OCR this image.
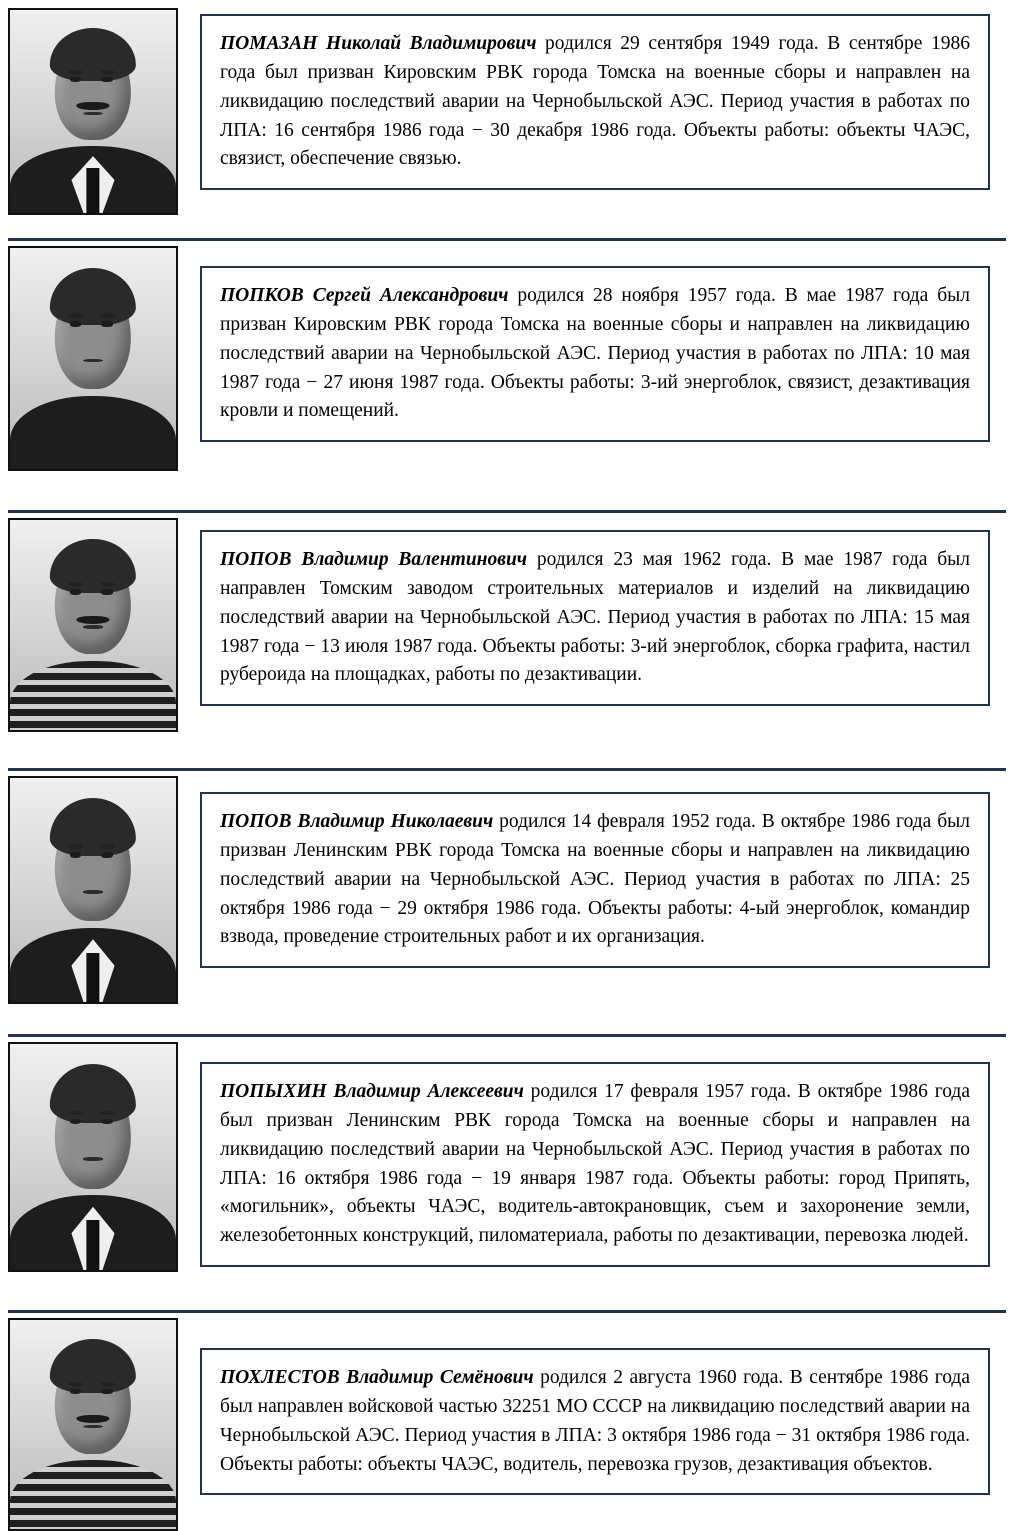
ПОМАЗАН Николай Владимирович родился 29 сентября 1949 года. В сентябре 1986 года был призван Кировским РВК города Томска на военные сборы и направлен на ликвидацию последствий аварии на Чернобыльской АЭС. Период участия в работах по ЛПА: 16 сентября 1986 года − 30 декабря 1986 года. Объекты работы: объекты ЧАЭС, связист, обеспечение связью.

ПОПКОВ Сергей Александрович родился 28 ноября 1957 года. В мае 1987 года был призван Кировским РВК города Томска на военные сборы и направлен на ликвидацию последствий аварии на Чернобыльской АЭС. Период участия в работах по ЛПА: 10 мая 1987 года − 27 июня 1987 года. Объекты работы: 3-ий энергоблок, связист, дезактивация кровли и помещений.

ПОПОВ Владимир Валентинович родился 23 мая 1962 года. В мае 1987 года был направлен Томским заводом строительных материалов и изделий на ликвидацию последствий аварии на Чернобыльской АЭС. Период участия в работах по ЛПА: 15 мая 1987 года − 13 июля 1987 года. Объекты работы: 3-ий энергоблок, сборка графита, настил рубероида на площадках, работы по дезактивации.

ПОПОВ Владимир Николаевич родился 14 февраля 1952 года. В октябре 1986 года был призван Ленинским РВК города Томска на военные сборы и направлен на ликвидацию последствий аварии на Чернобыльской АЭС. Период участия в работах по ЛПА: 25 октября 1986 года − 29 октября 1986 года. Объекты работы: 4-ый энергоблок, командир взвода, проведение строительных работ и их организация.

ПОПЫХИН Владимир Алексеевич родился 17 февраля 1957 года. В октябре 1986 года был призван Ленинским РВК города Томска на военные сборы и направлен на ликвидацию последствий аварии на Чернобыльской АЭС. Период участия в работах по ЛПА: 16 октября 1986 года − 19 января 1987 года. Объекты работы: город Припять, «могильник», объекты ЧАЭС, водитель-автокрановщик, съем и захоронение земли, железобетонных конструкций, пиломатериала, работы по дезактивации, перевозка людей.

ПОХЛЕСТОВ Владимир Семёнович родился 2 августа 1960 года. В сентябре 1986 года был направлен войсковой частью 32251 МО СССР на ликвидацию последствий аварии на Чернобыльской АЭС. Период участия в ЛПА: 3 октября 1986 года − 31 октября 1986 года. Объекты работы: объекты ЧАЭС, водитель, перевозка грузов, дезактивация объектов.
